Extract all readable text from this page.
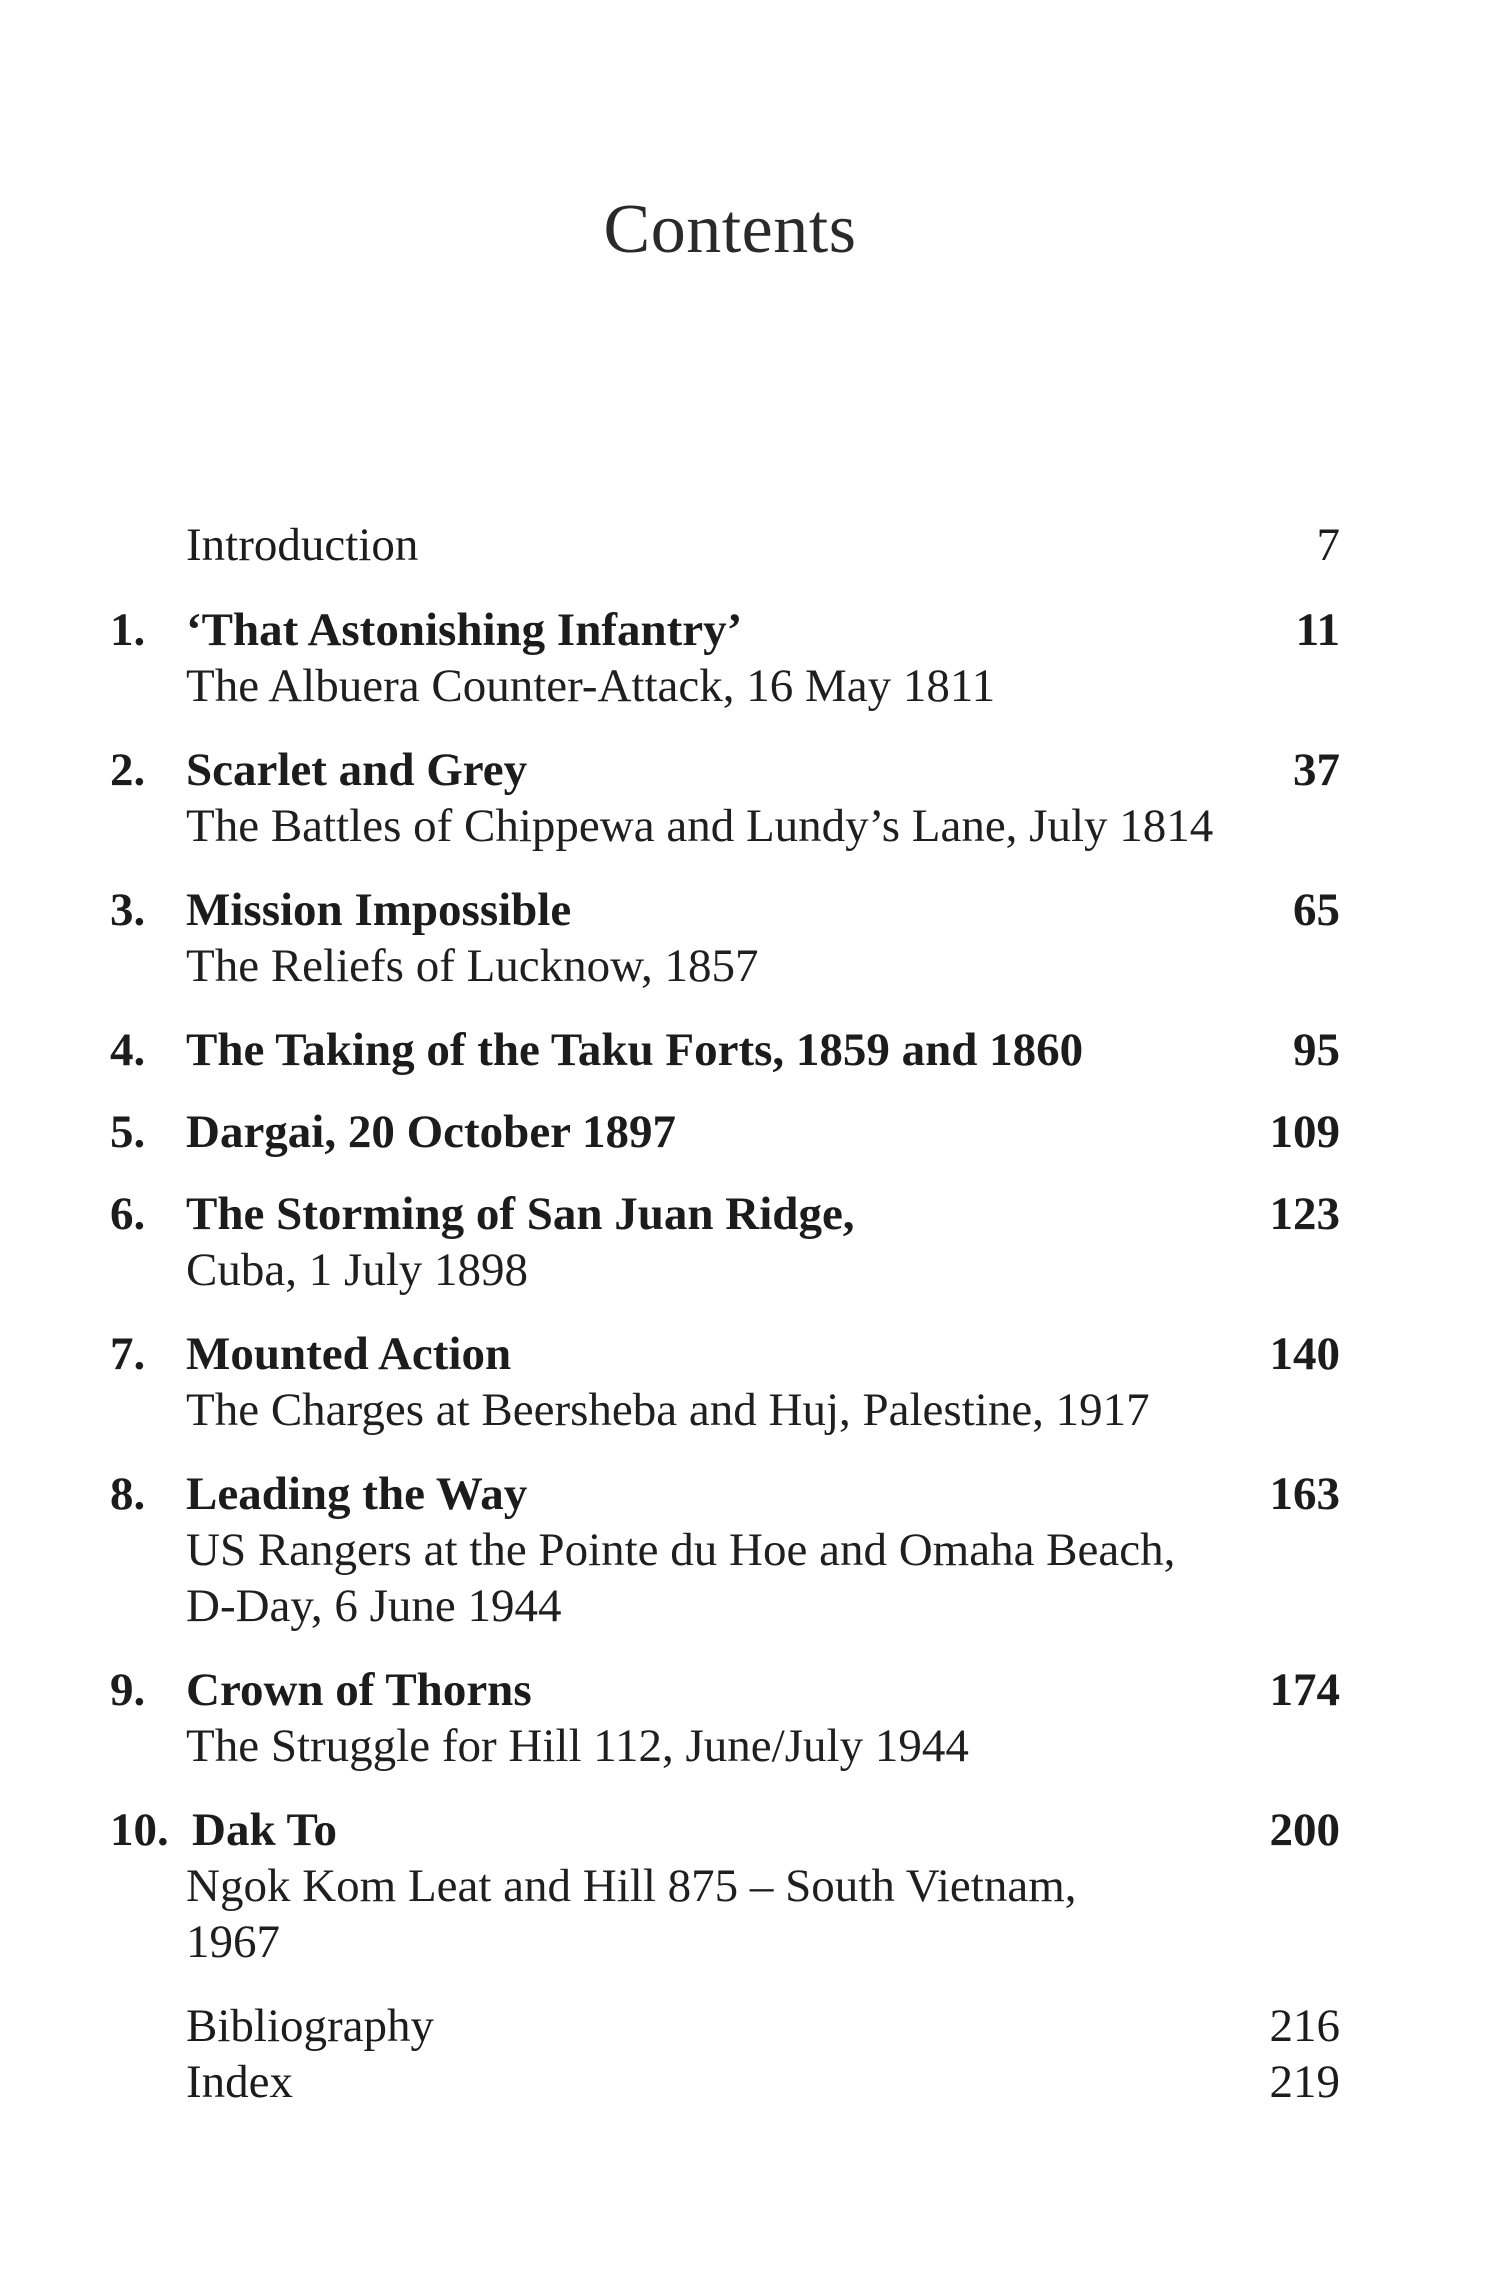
Contents
Introduction	7
1. ‘That Astonishing Infantry’	11
The Albuera Counter-Attack, 16 May 1811
2. Scarlet and Grey	37
The Battles of Chippewa and Lundy’s Lane, July 1814
3. Mission Impossible	65
The Reliefs of Lucknow, 1857
4. The Taking of the Taku Forts, 1859 and 1860	95
5. Dargai, 20 October 1897	109
6. The Storming of San Juan Ridge,	123
Cuba, 1 July 1898
7. Mounted Action	140
The Charges at Beersheba and Huj, Palestine, 1917
8. Leading the Way	163
US Rangers at the Pointe du Hoe and Omaha Beach,
D-Day, 6 June 1944
9. Crown of Thorns	174
The Struggle for Hill 112, June/July 1944
10. Dak To	200
Ngok Kom Leat and Hill 875 – South Vietnam,
1967
Bibliography	216
Index	219
